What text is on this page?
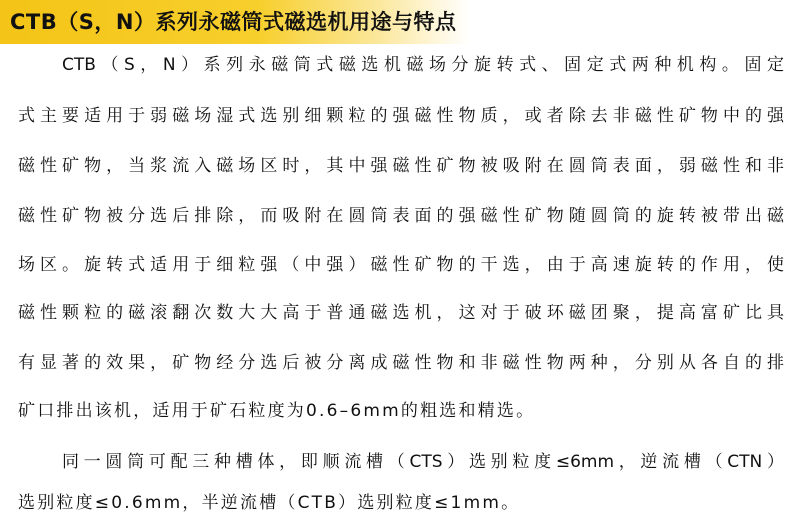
CTB（S，N）系列永磁筒式磁选机用途与特点
CTB（S，N）系列永磁筒式磁选机磁场分旋转式、固定式两种机构。固定
式主要适用于弱磁场湿式选别细颗粒的强磁性物质，或者除去非磁性矿物中的强
磁性矿物，当浆流入磁场区时，其中强磁性矿物被吸附在圆筒表面，弱磁性和非
磁性矿物被分选后排除，而吸附在圆筒表面的强磁性矿物随圆筒的旋转被带出磁
场区。旋转式适用于细粒强（中强）磁性矿物的干选，由于高速旋转的作用，使
磁性颗粒的磁滚翻次数大大高于普通磁选机，这对于破环磁团聚，提高富矿比具
有显著的效果，矿物经分选后被分离成磁性物和非磁性物两种，分别从各自的排
矿口排出该机，适用于矿石粒度为0.6–6mm的粗选和精选。
同一圆筒可配三种槽体，即顺流槽（CTS）选别粒度≤6mm，逆流槽（CTN）
选别粒度≤0.6mm，半逆流槽（CTB）选别粒度≤1mm。
